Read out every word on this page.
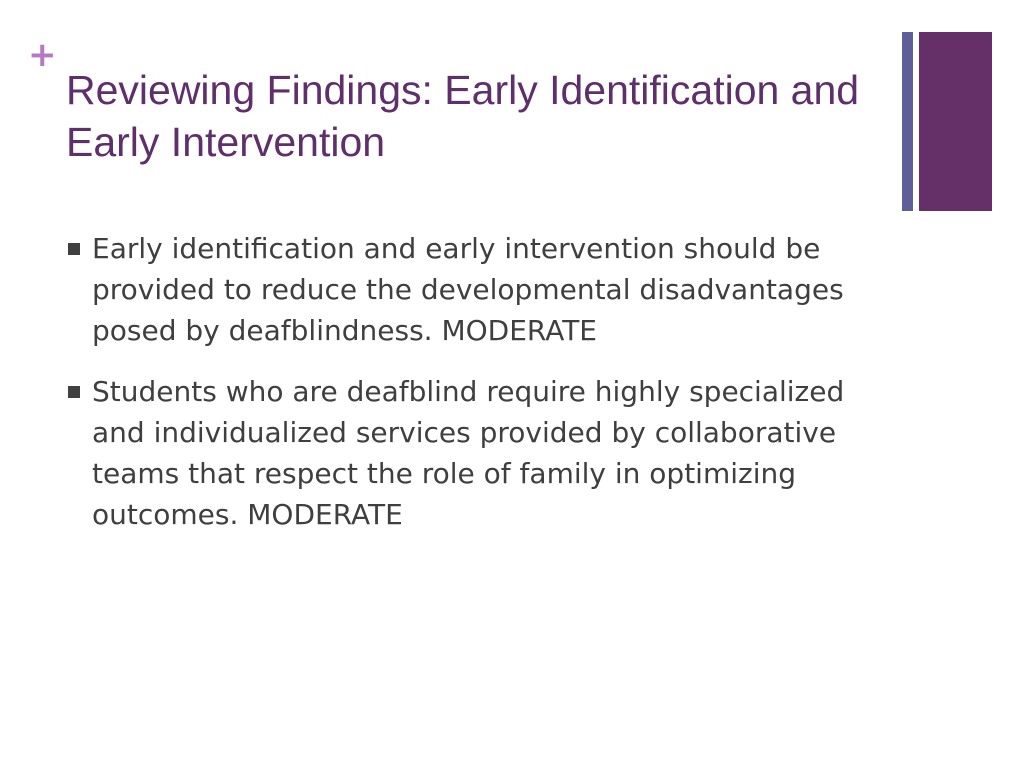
+
Reviewing Findings: Early Identification and Early Intervention
Early identification and early intervention should be provided to reduce the developmental disadvantages posed by deafblindness. MODERATE
Students who are deafblind require highly specialized and individualized services provided by collaborative teams that respect the role of family in optimizing outcomes. MODERATE
